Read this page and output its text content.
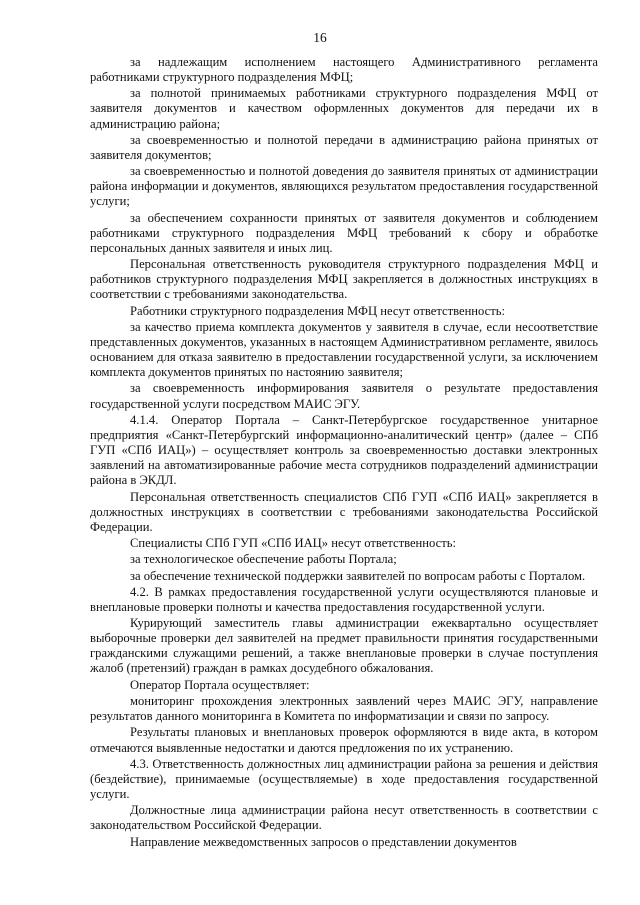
16

за надлежащим исполнением настоящего Административного регламента работниками структурного подразделения МФЦ;

за полнотой принимаемых работниками структурного подразделения МФЦ от заявителя документов и качеством оформленных документов для передачи их в администрацию района;

за своевременностью и полнотой передачи в администрацию района принятых от заявителя документов;

за своевременностью и полнотой доведения до заявителя принятых от администрации района информации и документов, являющихся результатом предоставления государственной услуги;

за обеспечением сохранности принятых от заявителя документов и соблюдением работниками структурного подразделения МФЦ требований к сбору и обработке персональных данных заявителя и иных лиц.

Персональная ответственность руководителя структурного подразделения МФЦ и работников структурного подразделения МФЦ закрепляется в должностных инструкциях в соответствии с требованиями законодательства.

Работники структурного подразделения МФЦ несут ответственность:

за качество приема комплекта документов у заявителя в случае, если несоответствие представленных документов, указанных в настоящем Административном регламенте, явилось основанием для отказа заявителю в предоставлении государственной услуги, за исключением комплекта документов принятых по настоянию заявителя;

за своевременность информирования заявителя о результате предоставления государственной услуги посредством МАИС ЭГУ.

4.1.4. Оператор Портала – Санкт-Петербургское государственное унитарное предприятия «Санкт-Петербургский информационно-аналитический центр» (далее – СПб ГУП «СПб ИАЦ») – осуществляет контроль за своевременностью доставки электронных заявлений на автоматизированные рабочие места сотрудников подразделений администрации района в ЭКДЛ.

Персональная ответственность специалистов СПб ГУП «СПб ИАЦ» закрепляется в должностных инструкциях в соответствии с требованиями законодательства Российской Федерации.

Специалисты СПб ГУП «СПб ИАЦ» несут ответственность:

за технологическое обеспечение работы Портала;

за обеспечение технической поддержки заявителей по вопросам работы с Порталом.

4.2. В рамках предоставления государственной услуги осуществляются плановые и внеплановые проверки полноты и качества предоставления государственной услуги.

Курирующий заместитель главы администрации ежеквартально осуществляет выборочные проверки дел заявителей на предмет правильности принятия государственными гражданскими служащими решений, а также внеплановые проверки в случае поступления жалоб (претензий) граждан в рамках досудебного обжалования.

Оператор Портала осуществляет:

мониторинг прохождения электронных заявлений через МАИС ЭГУ, направление результатов данного мониторинга в Комитета по информатизации и связи по запросу.

Результаты плановых и внеплановых проверок оформляются в виде акта, в котором отмечаются выявленные недостатки и даются предложения по их устранению.

4.3. Ответственность должностных лиц администрации района за решения и действия (бездействие), принимаемые (осуществляемые) в ходе предоставления государственной услуги.

Должностные лица администрации района несут ответственность в соответствии с законодательством Российской Федерации.

Направление межведомственных запросов о представлении документов
